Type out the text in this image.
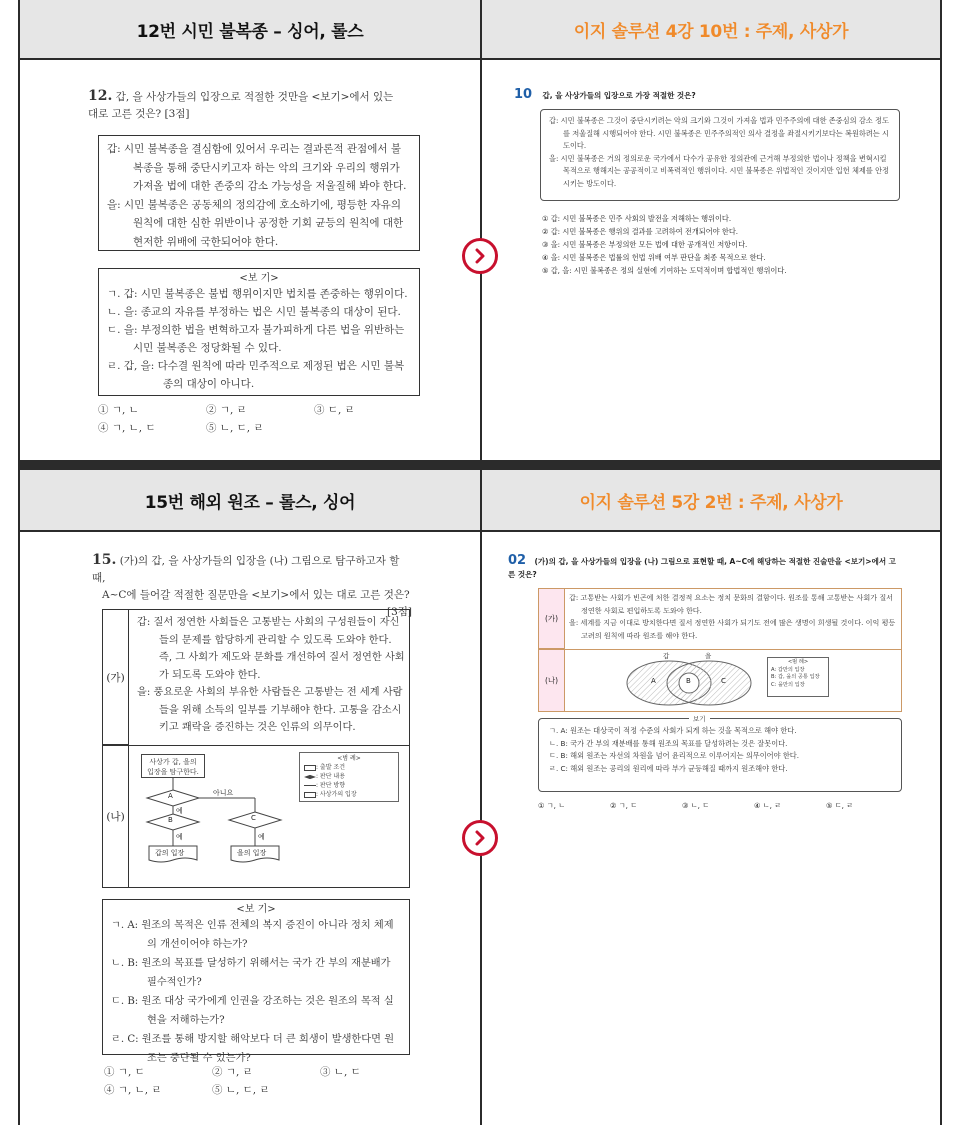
12번 시민 불복종 – 싱어, 롤스
12. 갑, 을 사상가들의 입장으로 적절한 것만을 <보기>에서 있는
대로 고른 것은? [3점]
갑: 시민 불복종을 결심함에 있어서 우리는 결과론적 관점에서 불복종을 통해 중단시키고자 하는 악의 크기와 우리의 행위가 가져올 법에 대한 존중의 감소 가능성을 저울질해 봐야 한다.
을: 시민 불복종은 공동체의 정의감에 호소하기에, 평등한 자유의 원칙에 대한 심한 위반이나 공정한 기회 균등의 원칙에 대한 현저한 위배에 국한되어야 한다.
<보 기>
ㄱ. 갑: 시민 불복종은 불법 행위이지만 법치를 존중하는 행위이다.
ㄴ. 을: 종교의 자유를 부정하는 법은 시민 불복종의 대상이 된다.
ㄷ. 을: 부정의한 법을 변혁하고자 불가피하게 다른 법을 위반하는 시민 불복종은 정당화될 수 있다.
ㄹ. 갑, 을: 다수결 원칙에 따라 민주적으로 제정된 법은 시민 불복종의 대상이 아니다.
① ㄱ, ㄴ	② ㄱ, ㄹ	③ ㄷ, ㄹ
④ ㄱ, ㄴ, ㄷ	⑤ ㄴ, ㄷ, ㄹ
이지 솔루션 4강 10번 : 주제, 사상가
10 갑, 을 사상가들의 입장으로 가장 적절한 것은?
갑: 시민 불복종은 그것이 중단시키려는 악의 크기와 그것이 가져올 법과 민주주의에 대한 존중심의 감소 정도를 저울질해 시행되어야 한다. 시민 불복종은 민주주의적인 의사 결정을 좌절시키기보다는 복원하려는 시도이다.
을: 시민 불복종은 거의 정의로운 국가에서 다수가 공유한 정의관에 근거해 부정의한 법이나 정책을 변혁시킬 목적으로 행해지는 공공적이고 비폭력적인 행위이다. 시민 불복종은 위법적인 것이지만 입헌 체제를 안정시키는 방도이다.
① 갑: 시민 불복종은 민주 사회의 발전을 저해하는 행위이다.
② 갑: 시민 불복종은 행위의 결과를 고려하여 전개되어야 한다.
③ 을: 시민 불복종은 부정의한 모든 법에 대한 공개적인 저항이다.
④ 을: 시민 불복종은 법률의 헌법 위배 여부 판단을 최종 목적으로 한다.
⑤ 갑, 을: 시민 불복종은 정의 실현에 기여하는 도덕적이며 합법적인 행위이다.
15번 해외 원조 – 롤스, 싱어
15. (가)의 갑, 을 사상가들의 입장을 (나) 그림으로 탐구하고자 할 때,
A~C에 들어갈 적절한 질문만을 <보기>에서 있는 대로 고른 것은?
[3점]
(가)
갑: 질서 정연한 사회들은 고통받는 사회의 구성원들이 자신들의 문제를 합당하게 관리할 수 있도록 도와야 한다. 즉, 그 사회가 제도와 문화를 개선하여 질서 정연한 사회가 되도록 도와야 한다.
을: 풍요로운 사회의 부유한 사람들은 고통받는 전 세계 사람들을 위해 소득의 일부를 기부해야 한다. 고통을 감소시키고 쾌락을 증진하는 것은 인류의 의무이다.
(나)
사상가 갑, 을의
입장을 탐구한다.
A
B	C
아니요
예
예	예
갑의 입장	을의 입장
<범 례>
: 출발 조건
: 판단 내용
: 판단 방향
: 사상가의 입장
<보 기>
ㄱ. A: 원조의 목적은 인류 전체의 복지 증진이 아니라 정치 체제의 개선이어야 하는가?
ㄴ. B: 원조의 목표를 달성하기 위해서는 국가 간 부의 재분배가 필수적인가?
ㄷ. B: 원조 대상 국가에게 인권을 강조하는 것은 원조의 목적 실현을 저해하는가?
ㄹ. C: 원조를 통해 방지할 해악보다 더 큰 희생이 발생한다면 원조는 중단될 수 있는가?
① ㄱ, ㄷ	② ㄱ, ㄹ	③ ㄴ, ㄷ
④ ㄱ, ㄴ, ㄹ	⑤ ㄴ, ㄷ, ㄹ
이지 솔루션 5강 2번 : 주제, 사상가
02 (가)의 갑, 을 사상가들의 입장을 (나) 그림으로 표현할 때, A~C에 해당하는 적절한 진술만을 <보기>에서 고른 것은?
(가)
갑: 고통받는 사회가 빈곤에 처한 결정적 요소는 정치 문화의 결함이다. 원조를 통해 고통받는 사회가 질서 정연한 사회로 편입하도록 도와야 한다.
을: 세계를 지금 이대로 방치한다면 질서 정연한 사회가 되기도 전에 많은 생명이 희생될 것이다. 이익 평등 고려의 원칙에 따라 원조를 해야 한다.
(나)
갑	을
A	B	C
<범 례>
A: 갑만의 입장
B: 갑, 을의 공통 입장
C: 을만의 입장
보기
ㄱ. A: 원조는 대상국이 적정 수준의 사회가 되게 하는 것을 목적으로 해야 한다.
ㄴ. B: 국가 간 부의 재분배를 통해 원조의 목표를 달성하려는 것은 잘못이다.
ㄷ. B: 해외 원조는 자선의 차원을 넘어 윤리적으로 이루어지는 의무이어야 한다.
ㄹ. C: 해외 원조는 공리의 원리에 따라 부가 균등해질 때까지 원조해야 한다.
① ㄱ, ㄴ	② ㄱ, ㄷ	③ ㄴ, ㄷ	④ ㄴ, ㄹ	⑤ ㄷ, ㄹ
